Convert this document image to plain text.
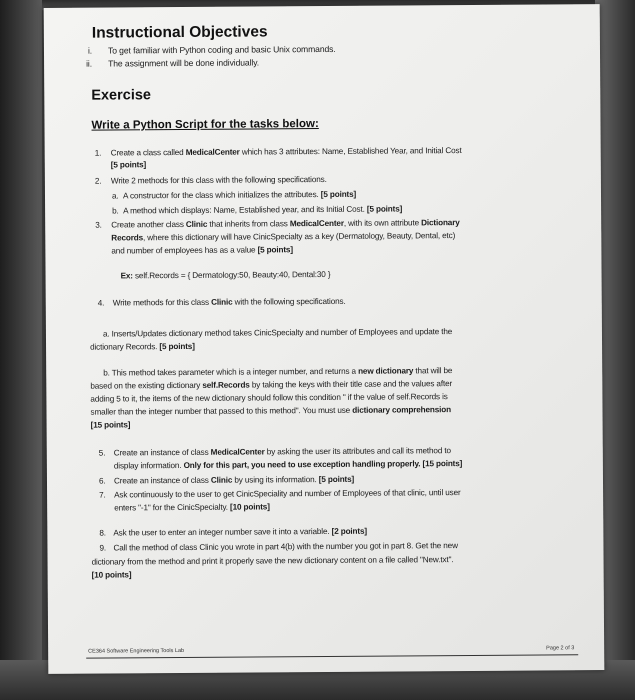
Instructional Objectives
i. To get familiar with Python coding and basic Unix commands.
ii. The assignment will be done individually.
Exercise
Write a Python Script for the tasks below:
1. Create a class called MedicalCenter which has 3 attributes: Name, Established Year, and Initial Cost
[5 points]
2. Write 2 methods for this class with the following specifications.
a. A constructor for the class which initializes the attributes. [5 points]
b. A method which displays: Name, Established year, and its Initial Cost. [5 points]
3. Create another class Clinic that inherits from class MedicalCenter, with its own attribute Dictionary
Records, where this dictionary will have CinicSpecialty as a key (Dermatology, Beauty, Dental, etc)
and number of employees has as a value [5 points]
Ex: self.Records = { Dermatology:50, Beauty:40, Dental:30 }
4. Write methods for this class Clinic with the following specifications.
a. Inserts/Updates dictionary method takes CinicSpecialty and number of Employees and update the
dictionary Records. [5 points]
b. This method takes parameter which is a integer number, and returns a new dictionary that will be
based on the existing dictionary self.Records by taking the keys with their title case and the values after
adding 5 to it, the items of the new dictionary should follow this condition " if the value of self.Records is
smaller than the integer number that passed to this method". You must use dictionary comprehension
[15 points]
5. Create an instance of class MedicalCenter by asking the user its attributes and call its method to
display information. Only for this part, you need to use exception handling properly. [15 points]
6. Create an instance of class Clinic by using its information. [5 points]
7. Ask continuously to the user to get CinicSpeciality and number of Employees of that clinic, until user
enters "-1" for the CinicSpecialty. [10 points]
8. Ask the user to enter an integer number save it into a variable. [2 points]
9. Call the method of class Clinic you wrote in part 4(b) with the number you got in part 8. Get the new
dictionary from the method and print it properly save the new dictionary content on a file called "New.txt".
[10 points]
CE364 Software Engineering Tools Lab	Page 2 of 3
